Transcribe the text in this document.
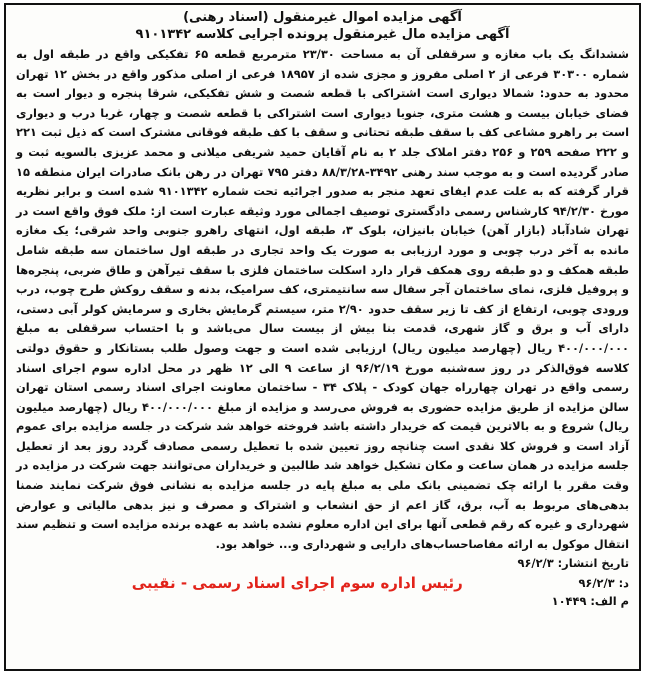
آگهی مزایده اموال غیرمنقول (اسناد رهنی)
آگهی مزایده مال غیرمنقول پرونده اجرایی کلاسه ۹۱۰۱۳۴۲

ششدانگ یک باب مغازه و سرقفلی آن به مساحت ۲۳/۳۰ مترمربع قطعه ۶۵ تفکیکی واقع در طبقه اول به شماره ۳۰۳۰۰ فرعی از ۲ اصلی مفروز و مجزی شده از ۱۸۹۵۷ فرعی از اصلی مذکور واقع در بخش ۱۲ تهران محدود به حدود: شمالا دیواری است اشتراکی با قطعه شصت و شش تفکیکی، شرقا پنجره و دیوار است به فضای خیابان بیست و هشت متری، جنوبا دیواری است اشتراکی با قطعه شصت و چهار، غربا درب و دیواری است بر راهرو مشاعی کف با سقف طبقه تحتانی و سقف با کف طبقه فوقانی مشترک است که ذیل ثبت ۲۲۱ و ۲۲۲ صفحه ۲۵۹ و ۲۵۶ دفتر املاک جلد ۲ به نام آقایان حمید شریفی میلانی و محمد عزیزی بالسویه ثبت و صادر گردیده است و به موجب سند رهنی ۳۴۹۲-۸۸/۳/۲۸ دفتر ۷۹۵ تهران در رهن بانک صادرات ایران منطقه ۱۵ قرار گرفته که به علت عدم ایفای تعهد منجر به صدور اجرائیه تحت شماره ۹۱۰۱۳۴۲ شده است و برابر نظریه مورخ ۹۴/۲/۳۰ کارشناس رسمی دادگستری توصیف اجمالی مورد وثیقه عبارت است از: ملک فوق واقع است در تهران شادآباد (بازار آهن) خیابان بانیزان، بلوک ۳، طبقه اول، انتهای راهرو جنوبی واحد شرقی؛ یک مغازه مانده به آخر درب چوبی و مورد ارزیابی به صورت یک واحد تجاری در طبقه اول ساختمان سه طبقه شامل طبقه همکف و دو طبقه روی همکف قرار دارد اسکلت ساختمان فلزی با سقف تیرآهن و طاق ضربی، پنجره‌ها و پروفیل فلزی، نمای ساختمان آجر سفال سه سانتیمتری، کف سرامیک، بدنه و سقف روکش طرح چوب، درب ورودی چوبی، ارتفاع از کف تا زیر سقف حدود ۲/۹۰ متر، سیستم گرمایش بخاری و سرمایش کولر آبی دستی، دارای آب و برق و گاز شهری، قدمت بنا بیش از بیست سال می‌باشد و با احتساب سرقفلی به مبلغ ۴۰۰/۰۰۰/۰۰۰ ریال (چهارصد میلیون ریال) ارزیابی شده است و جهت وصول طلب بستانکار و حقوق دولتی کلاسه فوق‌الذکر در روز سه‌شنبه مورخ ۹۶/۲/۱۹ از ساعت ۹ الی ۱۲ ظهر در محل اداره سوم اجرای اسناد رسمی واقع در تهران چهارراه جهان کودک - پلاک ۳۴ - ساختمان معاونت اجرای اسناد رسمی استان تهران سالن مزایده از طریق مزایده حضوری به فروش می‌رسد و مزایده از مبلغ ۴۰۰/۰۰۰/۰۰۰ ریال (چهارصد میلیون ریال) شروع و به بالاترین قیمت که خریدار داشته باشد فروخته خواهد شد شرکت در جلسه مزایده برای عموم آزاد است و فروش کلا نقدی است چنانچه روز تعیین شده با تعطیل رسمی مصادف گردد روز بعد از تعطیل جلسه مزایده در همان ساعت و مکان تشکیل خواهد شد طالبین و خریداران می‌توانند جهت شرکت در مزایده در وقت مقرر با ارائه چک تضمینی بانک ملی به مبلغ پایه در جلسه مزایده به نشانی فوق شرکت نمایند ضمنا بدهی‌های مربوط به آب، برق، گاز اعم از حق انشعاب و اشتراک و مصرف و نیز بدهی مالیاتی و عوارض شهرداری و غیره که رقم قطعی آنها برای این اداره معلوم نشده باشد به عهده برنده مزایده است و تنظیم سند انتقال موکول به ارائه مفاصاحساب‌های دارایی و شهرداری و... خواهد بود.

تاریخ انتشار: ۹۶/۲/۳
د: ۹۶/۲/۳
رئیس اداره سوم اجرای اسناد رسمی - نقیبی
م الف: ۱۰۴۴۹
